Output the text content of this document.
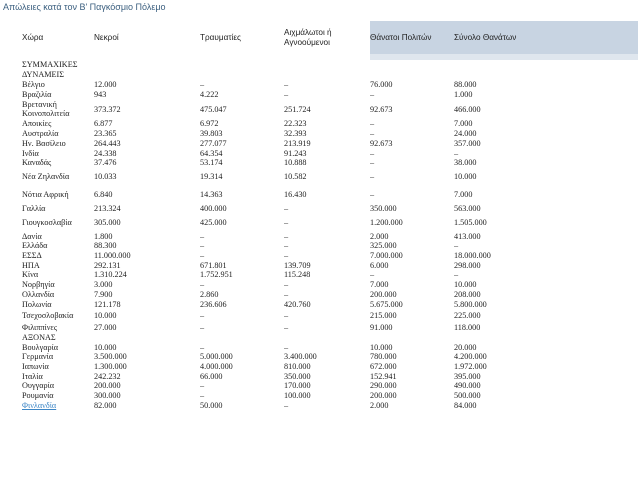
Απώλειες κατά τον Β' Παγκόσμιο Πόλεμο
Χώρα	Νεκροί	Τραυματίες	Αιχμάλωτοι ή Αγνοούμενοι	Θάνατοι Πολιτών	Σύνολο Θανάτων

ΣΥΜΜΑΧΙΚΕΣ ΔΥΝΑΜΕΙΣ					
Βέλγιο	12.000	–	–	76.000	88.000
Βραζιλία	943	4.222	–	–	1.000
Βρετανική Κοινοπολιτεία	373.372	475.047	251.724	92.673	466.000
Αποικίες	6.877	6.972	22.323	–	7.000
Αυστραλία	23.365	39.803	32.393	–	24.000
Ην. Βασίλειο	264.443	277.077	213.919	92.673	357.000
Ινδία	24.338	64.354	91.243	–	–
Καναδάς	37.476	53.174	10.888	–	38.000
Νέα Ζηλανδία	10.033	19.314	10.582	–	10.000
Νότια Αφρική	6.840	14.363	16.430	–	7.000
Γαλλία	213.324	400.000	–	350.000	563.000
Γιουγκοσλαβία	305.000	425.000	–	1.200.000	1.505.000
Δανία	1.800	–	–	2.000	413.000
Ελλάδα	88.300	–	–	325.000	–
ΕΣΣΔ	11.000.000	–	–	7.000.000	18.000.000
ΗΠΑ	292.131	671.801	139.709	6.000	298.000
Κίνα	1.310.224	1.752.951	115.248	–	–
Νορβηγία	3.000	–	–	7.000	10.000
Ολλανδία	7.900	2.860	–	200.000	208.000
Πολωνία	121.178	236.606	420.760	5.675.000	5.800.000
Τσεχοσλοβακία	10.000	–	–	215.000	225.000
Φιλιππίνες	27.000	–	–	91.000	118.000
ΑΞΟΝΑΣ					
Βουλγαρία	10.000	–	–	10.000	20.000
Γερμανία	3.500.000	5.000.000	3.400.000	780.000	4.200.000
Ιαπωνία	1.300.000	4.000.000	810.000	672.000	1.972.000
Ιταλία	242.232	66.000	350.000	152.941	395.000
Ουγγαρία	200.000	–	170.000	290.000	490.000
Ρουμανία	300.000	–	100.000	200.000	500.000
Φινλανδία	82.000	50.000	–	2.000	84.000
